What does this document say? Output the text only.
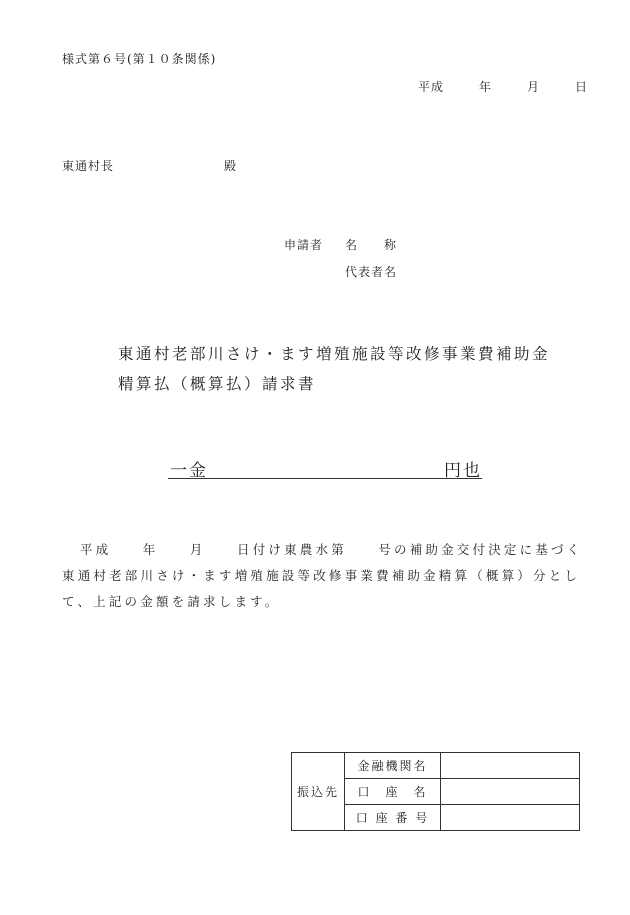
様式第６号(第１０条関係)
平成	年	月	日
東通村長	殿
申請者 名　　称
代表者名
東通村老部川さけ・ます増殖施設等改修事業費補助金
精算払（概算払）請求書
一金	円也
平成　　年　　月　　日付け東農水第　　号の補助金交付決定に基づく
東通村老部川さけ・ます増殖施設等改修事業費補助金精算（概算）分とし
て、上記の金額を請求します。
振込先	金融機関名	
	口　座　名	
	口 座 番 号	
